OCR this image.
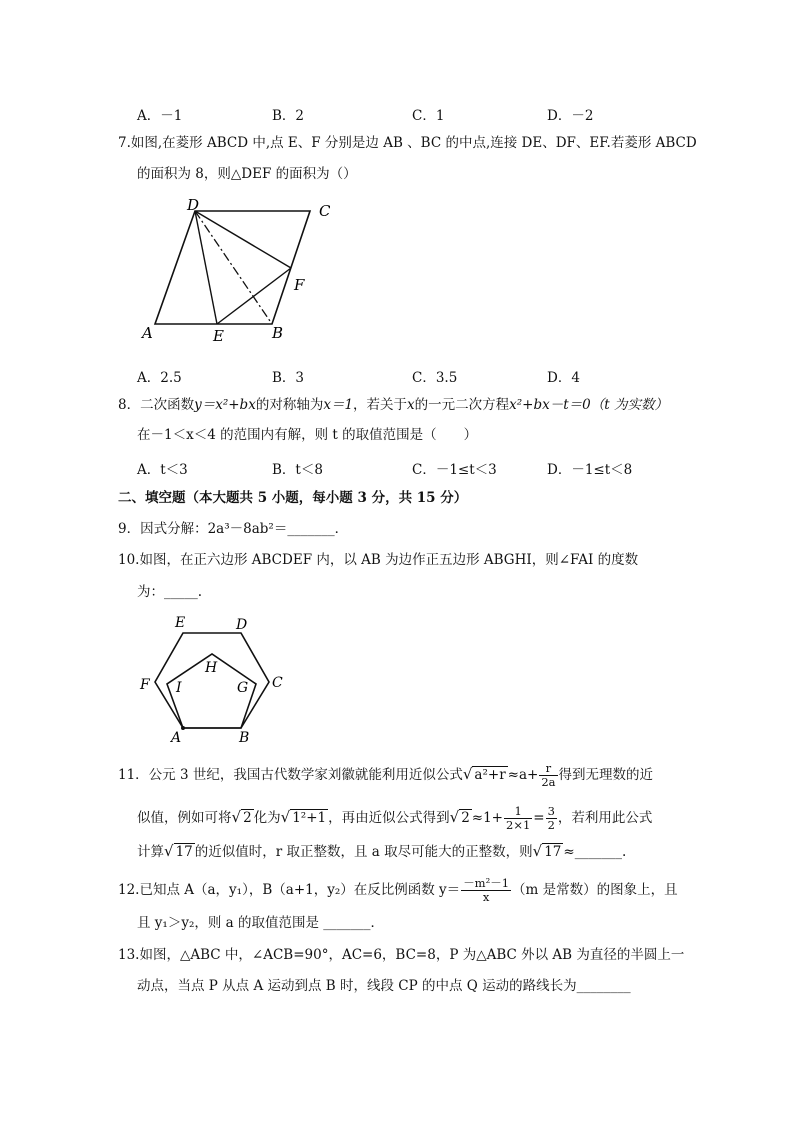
A．－1	B．2	C．1	D．－2
7.如图,在菱形 ABCD 中,点 E、F 分别是边 AB 、BC 的中点,连接 DE、DF、EF.若菱形 ABCD
的面积为 8，则△DEF 的面积为（）
D	C
F
A	E	B
A．2.5	B．3	C．3.5	D．4
8．二次函数y＝x²+bx的对称轴为x＝1，若关于x的一元二次方程x²+bx－t＝0（t 为实数）
在－1＜x＜4 的范围内有解，则 t 的取值范围是（　　）
A．t＜3	B．t＜8	C．－1≤t＜3	D．－1≤t＜8
二、填空题（本大题共 5 小题，每小题 3 分，共 15 分）
9．因式分解：2a³－8ab²＝_______．
10.如图，在正六边形 ABCDEF 内，以 AB 为边作正五边形 ABGHI，则∠FAI 的度数
为：_____.
E	D
H
F I	G C
A	B
11．公元 3 世纪，我国古代数学家刘徽就能利用近似公式√ $a^2+r \approx a+ \frac{r}{2a}$ 得到无理数的近
似值，例如可将√ 2 化为√ 1²+1 ，再由近似公式得到√ $2 \approx 1+ \frac{1}{2\times 1} = \frac{3}{2}$ ，若利用此公式
计算√ 17 的近似值时，r 取正整数，且 a 取尽可能大的正整数，则√ 17 ≈_______.
12.已知点 A（a，y₁），B（a+1，y₂）在反比例函数 $y= \frac{\text{－m²－1}}{x} (m$ 是常数）的图象上，且
且 y₁＞y₂，则 a 的取值范围是 _______．
13.如图，△ABC 中，∠ACB=90°，AC=6，BC=8，P 为△ABC 外以 AB 为直径的半圆上一
动点，当点 P 从点 A 运动到点 B 时，线段 CP 的中点 Q 运动的路线长为________
